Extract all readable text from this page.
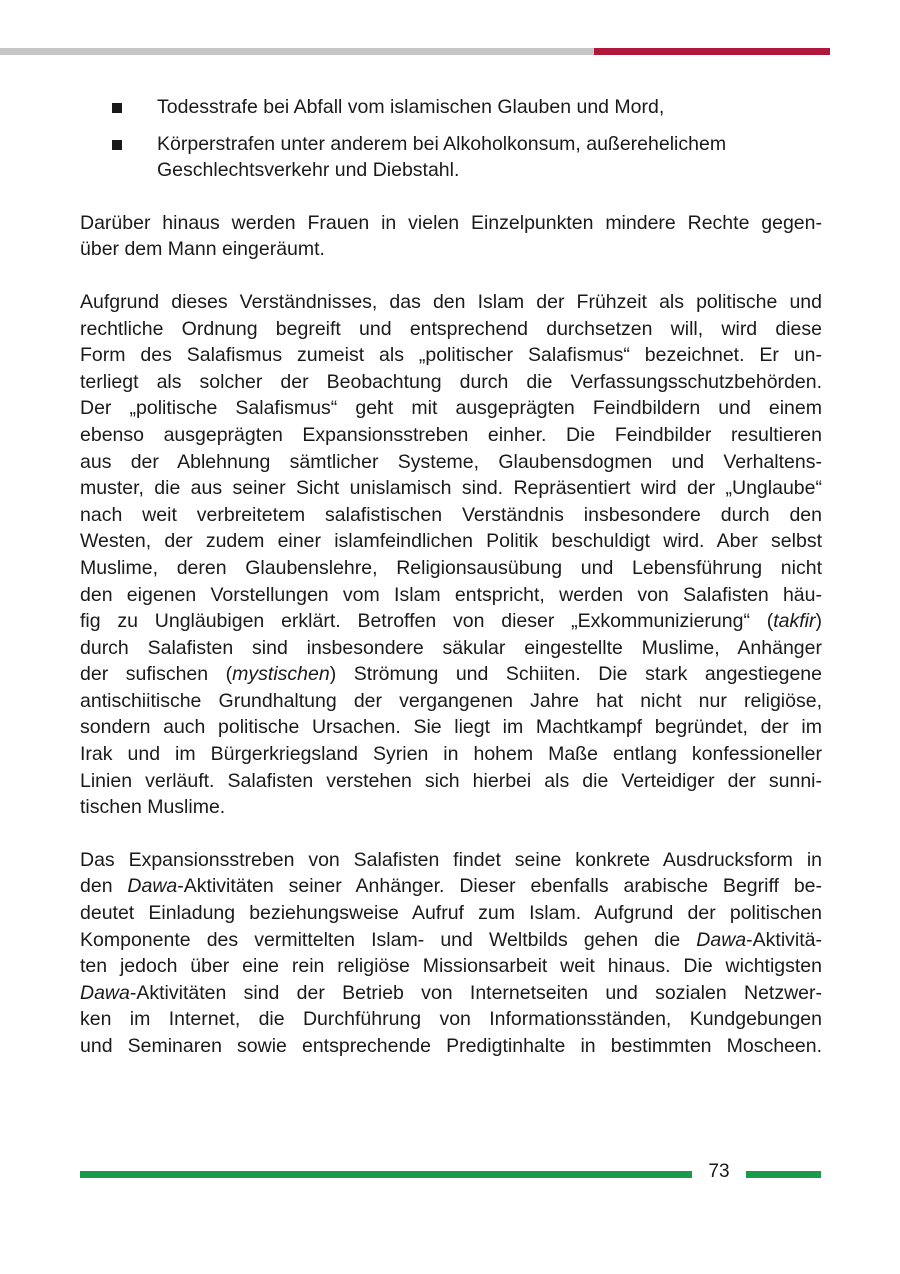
Todesstrafe bei Abfall vom islamischen Glauben und Mord,
Körperstrafen unter anderem bei Alkoholkonsum, außerehelichem
Geschlechtsverkehr und Diebstahl.

Darüber hinaus werden Frauen in vielen Einzelpunkten mindere Rechte gegen-
über dem Mann eingeräumt.

Aufgrund dieses Verständnisses, das den Islam der Frühzeit als politische und
rechtliche Ordnung begreift und entsprechend durchsetzen will, wird diese
Form des Salafismus zumeist als „politischer Salafismus“ bezeichnet. Er un-
terliegt als solcher der Beobachtung durch die Verfassungsschutzbehörden.
Der „politische Salafismus“ geht mit ausgeprägten Feindbildern und einem
ebenso ausgeprägten Expansionsstreben einher. Die Feindbilder resultieren
aus der Ablehnung sämtlicher Systeme, Glaubensdogmen und Verhaltens-
muster, die aus seiner Sicht unislamisch sind. Repräsentiert wird der „Unglaube“
nach weit verbreitetem salafistischen Verständnis insbesondere durch den
Westen, der zudem einer islamfeindlichen Politik beschuldigt wird. Aber selbst
Muslime, deren Glaubenslehre, Religionsausübung und Lebensführung nicht
den eigenen Vorstellungen vom Islam entspricht, werden von Salafisten häu-
fig zu Ungläubigen erklärt. Betroffen von dieser „Exkommunizierung“ (takfir)
durch Salafisten sind insbesondere säkular eingestellte Muslime, Anhänger
der sufischen (mystischen) Strömung und Schiiten. Die stark angestiegene
antischiitische Grundhaltung der vergangenen Jahre hat nicht nur religiöse,
sondern auch politische Ursachen. Sie liegt im Machtkampf begründet, der im
Irak und im Bürgerkriegsland Syrien in hohem Maße entlang konfessioneller
Linien verläuft. Salafisten verstehen sich hierbei als die Verteidiger der sunni-
tischen Muslime.

Das Expansionsstreben von Salafisten findet seine konkrete Ausdrucksform in
den Dawa-Aktivitäten seiner Anhänger. Dieser ebenfalls arabische Begriff be-
deutet Einladung beziehungsweise Aufruf zum Islam. Aufgrund der politischen
Komponente des vermittelten Islam- und Weltbilds gehen die Dawa-Aktivitä-
ten jedoch über eine rein religiöse Missionsarbeit weit hinaus. Die wichtigsten
Dawa-Aktivitäten sind der Betrieb von Internetseiten und sozialen Netzwer-
ken im Internet, die Durchführung von Informationsständen, Kundgebungen
und Seminaren sowie entsprechende Predigtinhalte in bestimmten Moscheen.

73
